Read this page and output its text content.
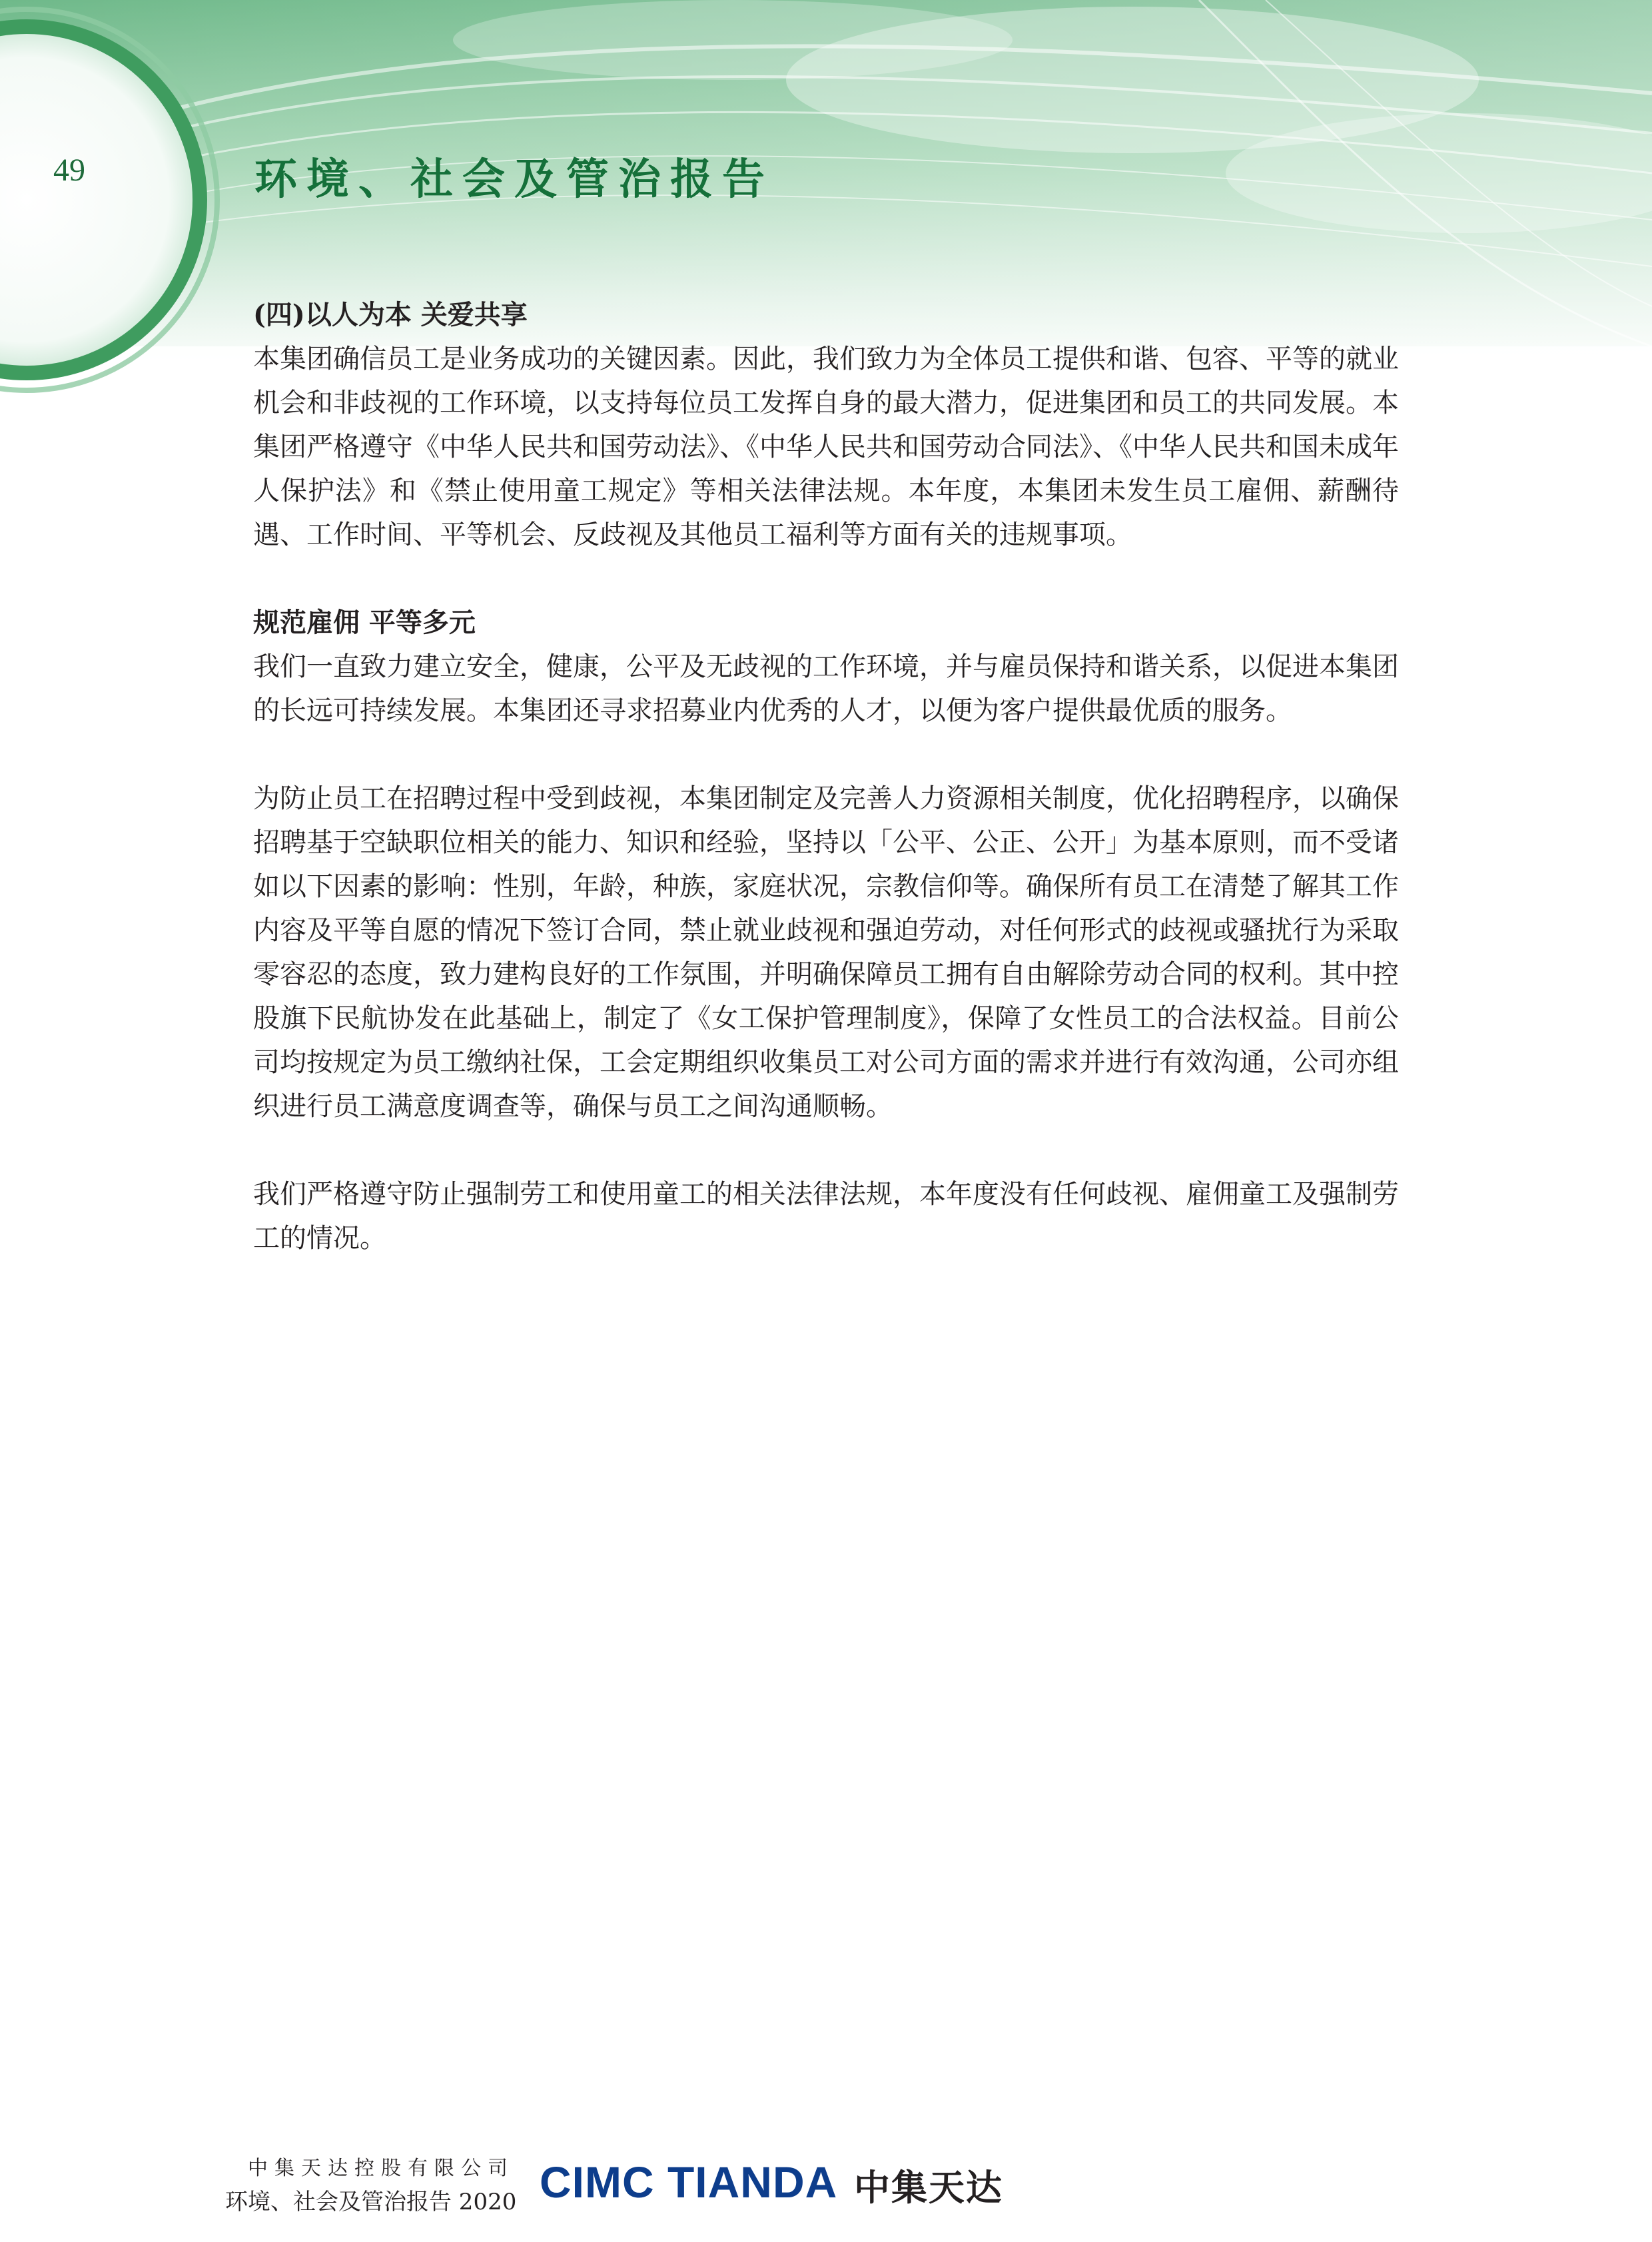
49	环境、社会及管治报告

(四)以人为本 关爱共享

本集团确信员工是业务成功的关键因素。因此，我们致力为全体员工提供和谐、包容、平等的就业机会和非歧视的工作环境，以支持每位员工发挥自身的最大潜力，促进集团和员工的共同发展。本集团严格遵守《中华人民共和国劳动法》、《中华人民共和国劳动合同法》、《中华人民共和国未成年人保护法》和《禁止使用童工规定》等相关法律法规。本年度，本集团未发生员工雇佣、薪酬待遇、工作时间、平等机会、反歧视及其他员工福利等方面有关的违规事项。

规范雇佣 平等多元

我们一直致力建立安全，健康，公平及无歧视的工作环境，并与雇员保持和谐关系，以促进本集团的长远可持续发展。本集团还寻求招募业内优秀的人才，以便为客户提供最优质的服务。

为防止员工在招聘过程中受到歧视，本集团制定及完善人力资源相关制度，优化招聘程序，以确保招聘基于空缺职位相关的能力、知识和经验，坚持以「公平、公正、公开」为基本原则，而不受诸如以下因素的影响：性别，年龄，种族，家庭状况，宗教信仰等。确保所有员工在清楚了解其工作内容及平等自愿的情况下签订合同，禁止就业歧视和强迫劳动，对任何形式的歧视或骚扰行为采取零容忍的态度，致力建构良好的工作氛围，并明确保障员工拥有自由解除劳动合同的权利。其中控股旗下民航协发在此基础上，制定了《女工保护管理制度》，保障了女性员工的合法权益。目前公司均按规定为员工缴纳社保，工会定期组织收集员工对公司方面的需求并进行有效沟通，公司亦组织进行员工满意度调查等，确保与员工之间沟通顺畅。

我们严格遵守防止强制劳工和使用童工的相关法律法规，本年度没有任何歧视、雇佣童工及强制劳工的情况。

中集天达控股有限公司
环境、社会及管治报告 2020 CIMC TIANDA 中集天达
